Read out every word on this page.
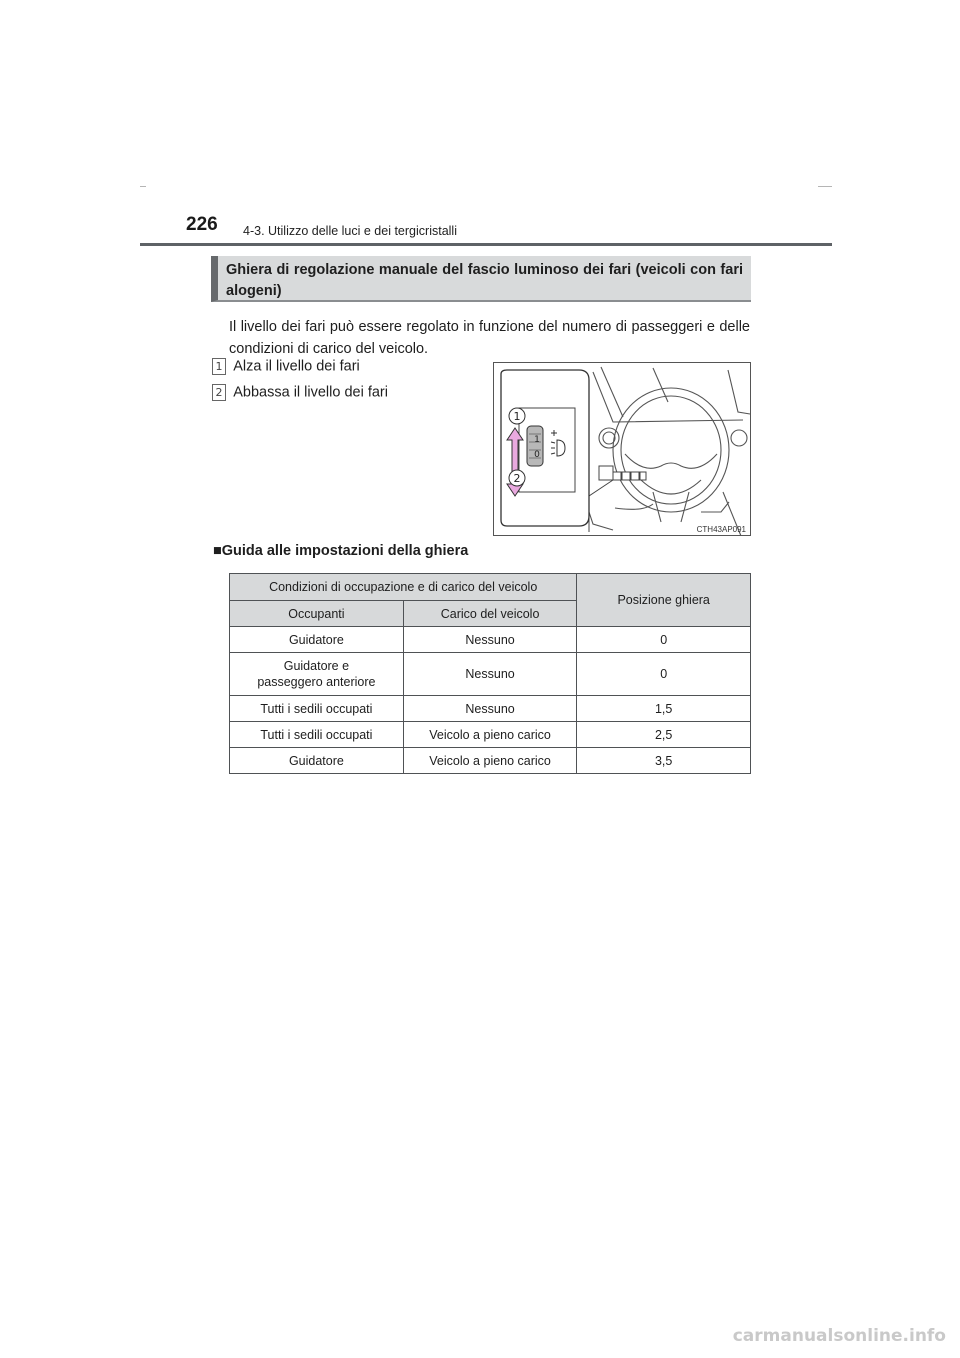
226 4-3. Utilizzo delle luci e dei tergicristalli
Ghiera di regolazione manuale del fascio luminoso dei fari (veicoli con fari alogeni)
Il livello dei fari può essere regolato in funzione del numero di passeggeri e delle condizioni di carico del veicolo.
1 Alza il livello dei fari
2 Abbassa il livello dei fari
1
0
1
2
CTH43AP091
■Guida alle impostazioni della ghiera
Condizioni di occupazione e di carico del veicolo		Posizione ghiera
Occupanti	Carico del veicolo	
Guidatore	Nessuno	0
Guidatore e passeggero anteriore	Nessuno	0
Tutti i sedili occupati	Nessuno	1,5
Tutti i sedili occupati	Veicolo a pieno carico	2,5
Guidatore	Veicolo a pieno carico	3,5
carmanualsonline.info
